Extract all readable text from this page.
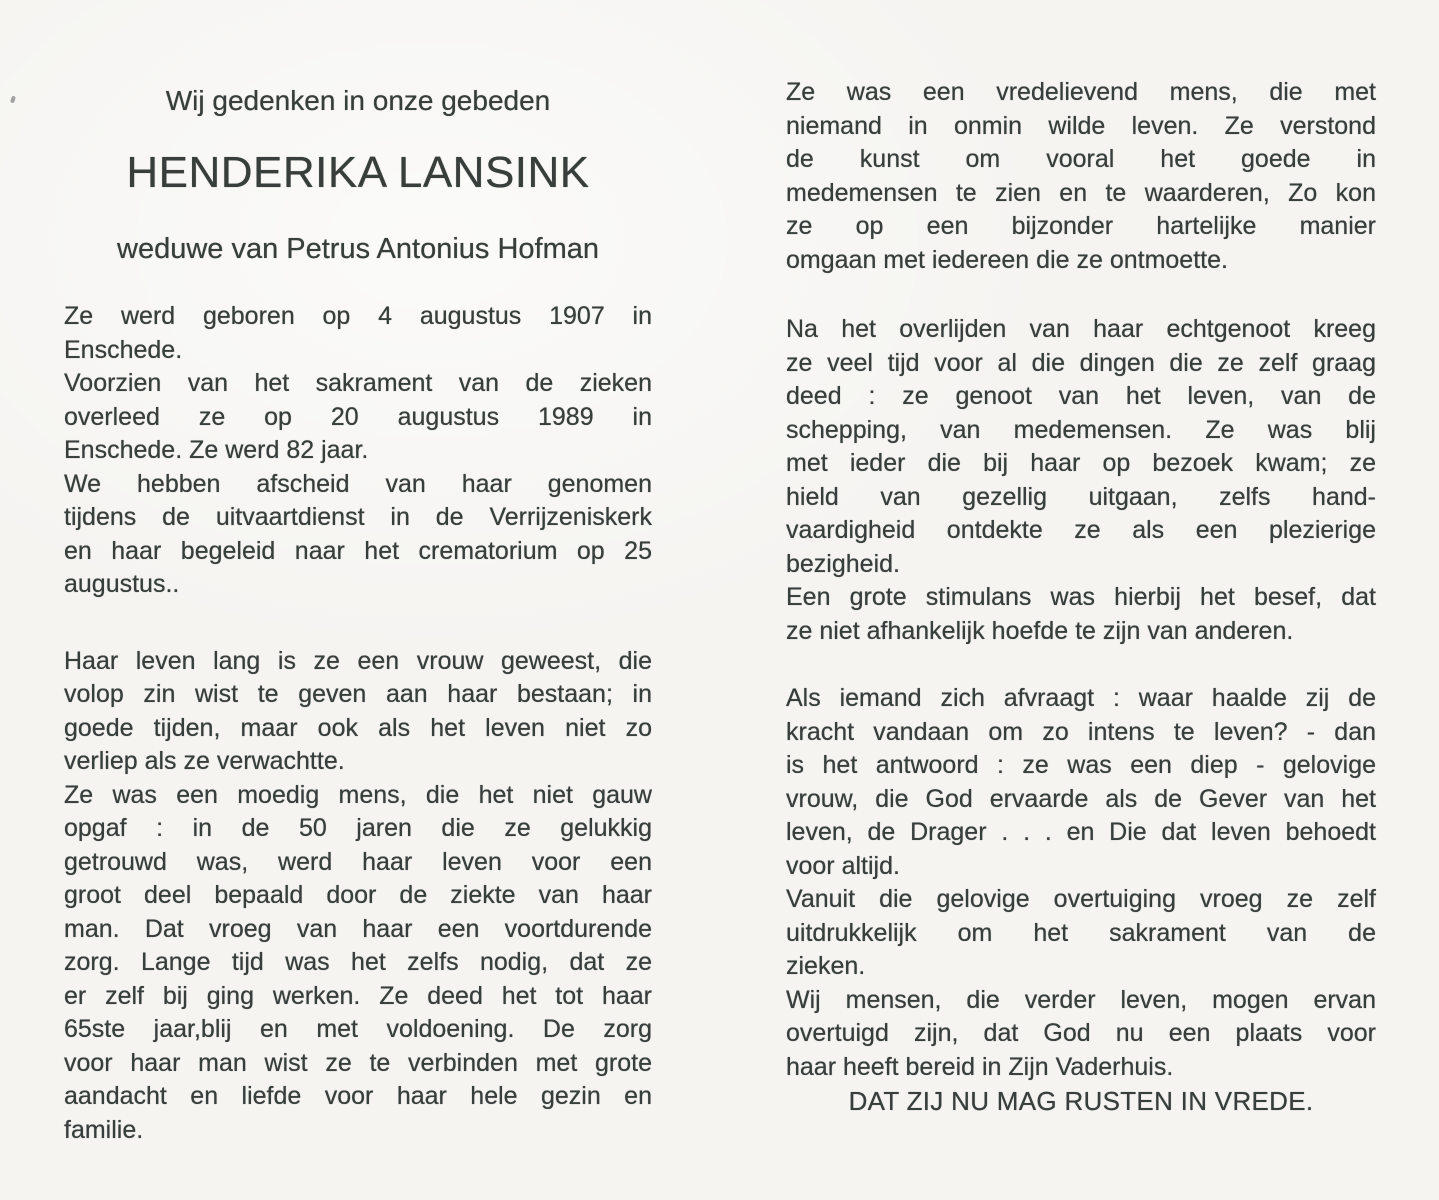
Wij gedenken in onze gebeden
HENDERIKA LANSINK
weduwe van Petrus Antonius Hofman
Ze werd geboren op 4 augustus 1907 in
Enschede.
Voorzien van het sakrament van de zieken
overleed ze op 20 augustus 1989 in
Enschede. Ze werd 82 jaar.
We hebben afscheid van haar genomen
tijdens de uitvaartdienst in de Verrijzeniskerk
en haar begeleid naar het crematorium op 25
augustus..
Haar leven lang is ze een vrouw geweest, die
volop zin wist te geven aan haar bestaan; in
goede tijden, maar ook als het leven niet zo
verliep als ze verwachtte.
Ze was een moedig mens, die het niet gauw
opgaf : in de 50 jaren die ze gelukkig
getrouwd was, werd haar leven voor een
groot deel bepaald door de ziekte van haar
man. Dat vroeg van haar een voortdurende
zorg. Lange tijd was het zelfs nodig, dat ze
er zelf bij ging werken. Ze deed het tot haar
65ste jaar,blij en met voldoening. De zorg
voor haar man wist ze te verbinden met grote
aandacht en liefde voor haar hele gezin en
familie.
Ze was een vredelievend mens, die met
niemand in onmin wilde leven. Ze verstond
de kunst om vooral het goede in
medemensen te zien en te waarderen, Zo kon
ze op een bijzonder hartelijke manier
omgaan met iedereen die ze ontmoette.
Na het overlijden van haar echtgenoot kreeg
ze veel tijd voor al die dingen die ze zelf graag
deed : ze genoot van het leven, van de
schepping, van medemensen. Ze was blij
met ieder die bij haar op bezoek kwam; ze
hield van gezellig uitgaan, zelfs hand-
vaardigheid ontdekte ze als een plezierige
bezigheid.
Een grote stimulans was hierbij het besef, dat
ze niet afhankelijk hoefde te zijn van anderen.
Als iemand zich afvraagt : waar haalde zij de
kracht vandaan om zo intens te leven? - dan
is het antwoord : ze was een diep - gelovige
vrouw, die God ervaarde als de Gever van het
leven, de Drager . . . en Die dat leven behoedt
voor altijd.
Vanuit die gelovige overtuiging vroeg ze zelf
uitdrukkelijk om het sakrament van de
zieken.
Wij mensen, die verder leven, mogen ervan
overtuigd zijn, dat God nu een plaats voor
haar heeft bereid in Zijn Vaderhuis.
DAT ZIJ NU MAG RUSTEN IN VREDE.
